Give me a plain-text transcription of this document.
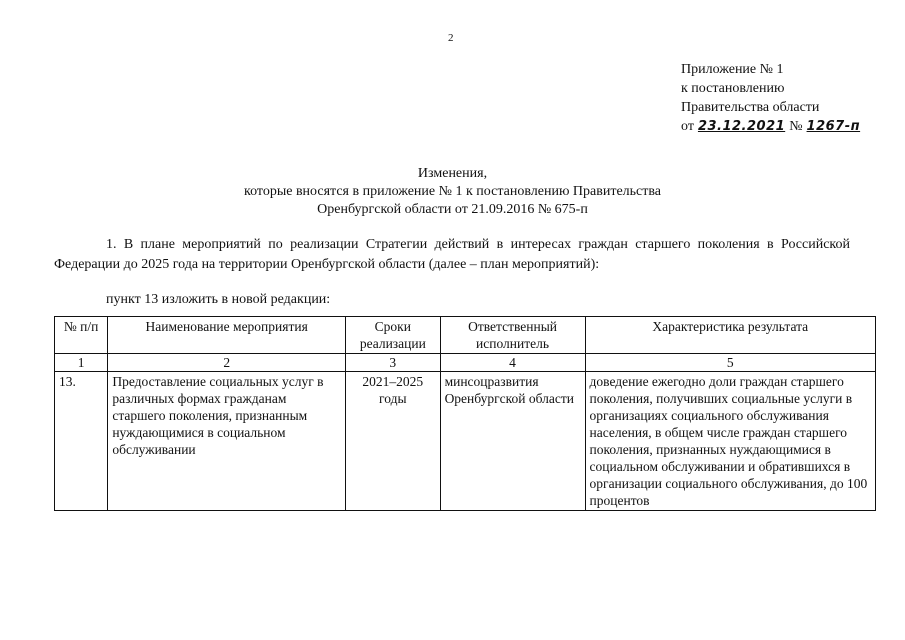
2
Приложение № 1
к постановлению
Правительства области
от 23.12.2021 № 1267-п
Изменения,
которые вносятся в приложение № 1 к постановлению Правительства
Оренбургской области от 21.09.2016 № 675-п
1. В плане мероприятий по реализации Стратегии действий в интересах граждан старшего поколения в Российской Федерации до 2025 года на территории Оренбургской области (далее – план мероприятий):
пункт 13 изложить в новой редакции:
№ п/п	Наименование мероприятия	Сроки реализации	Ответственный исполнитель	Характеристика результата
1	2	3	4	5
13.	Предоставление социальных услуг в различных формах гражданам старшего поколения, признанным нуждающимися в социальном обслуживании	2021–2025 годы	минсоцразвития Оренбургской области	доведение ежегодно доли граждан старшего поколения, получивших социальные услуги в организациях социального обслуживания населения, в общем числе граждан старшего поколения, признанных нуждающимися в социальном обслуживании и обратившихся в организации социального обслуживания, до 100 процентов
